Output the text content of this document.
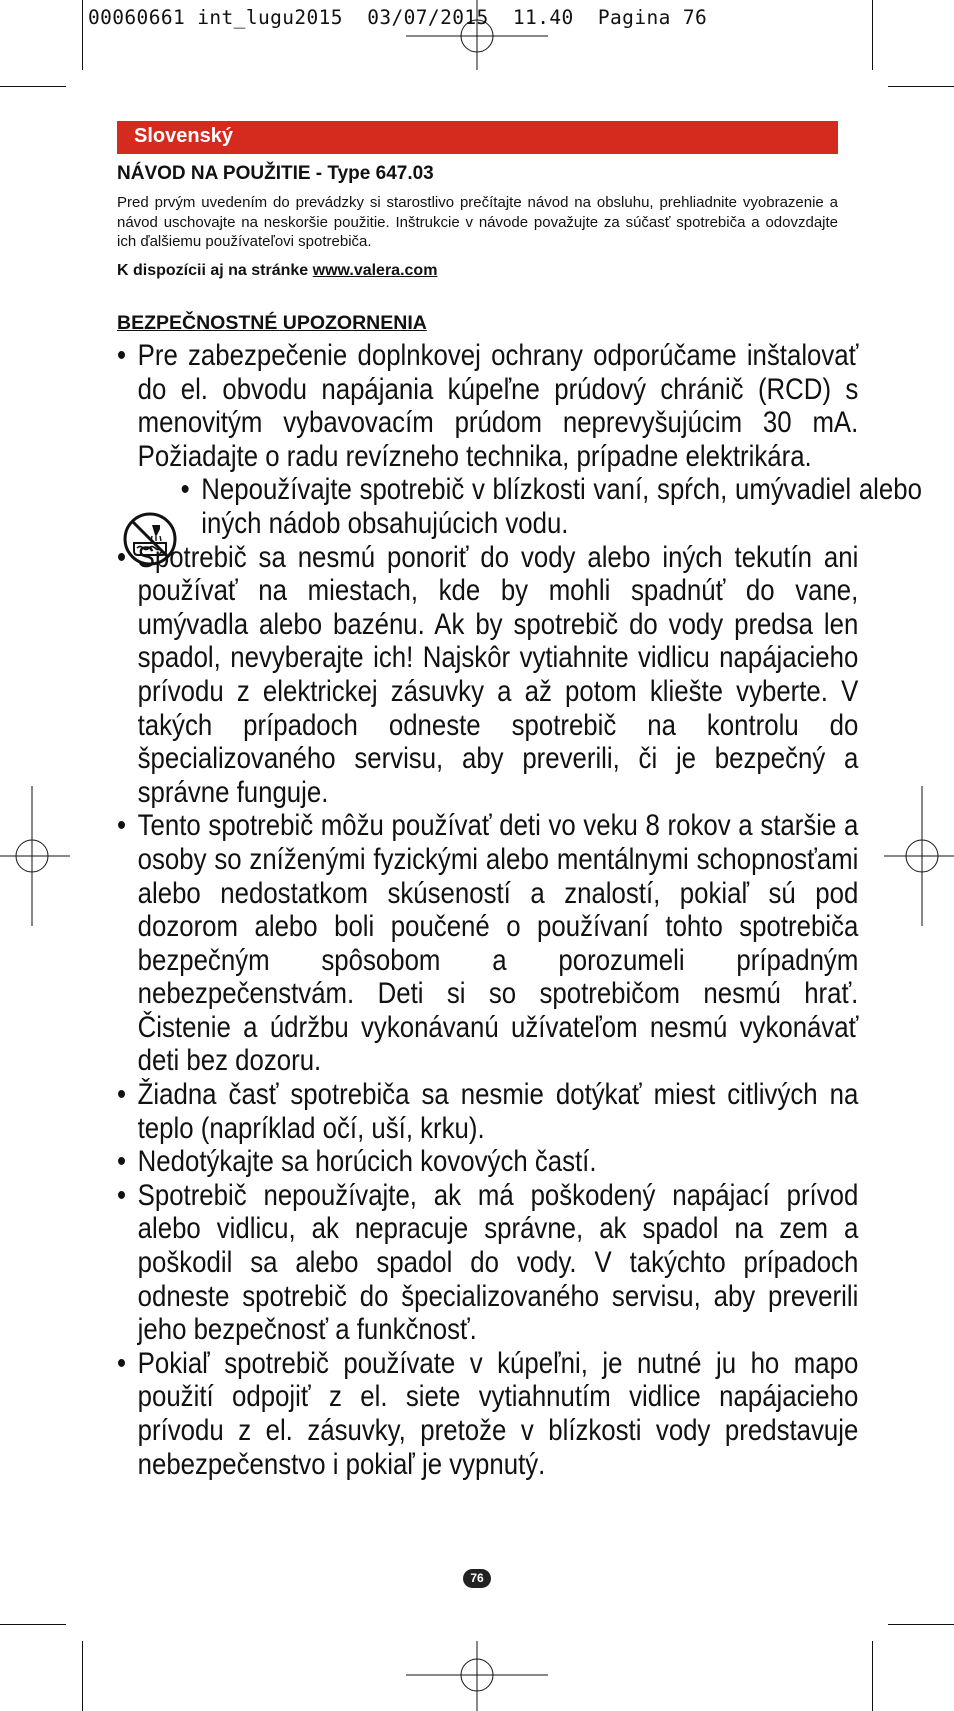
00060661 int_lugu2015 03/07/2015 11.40 Pagina 76
Slovenský
NÁVOD NA POUŽITIE - Type 647.03
Pred prvým uvedením do prevádzky si starostlivo prečítajte návod na obsluhu, prehliadnite vyobrazenie a návod uschovajte na neskoršie použitie. Inštrukcie v návode považujte za súčasť spotrebiča a odovzdajte ich ďalšiemu používateľovi spotrebiča.
K dispozícii aj na stránke www.valera.com
BEZPEČNOSTNÉ UPOZORNENIA
• Pre zabezpečenie doplnkovej ochrany odporúčame inštalovať do el. obvodu napájania kúpeľne prúdový chránič (RCD) s menovitým vybavovacím prúdom neprevyšujúcim 30 mA. Požiadajte o radu revízneho technika, prípadne elektrikára.
• Nepoužívajte spotrebič v blízkosti vaní, spŕch, umývadiel alebo iných nádob obsahujúcich vodu.
• Spotrebič sa nesmú ponoriť do vody alebo iných tekutín ani používať na miestach, kde by mohli spadnúť do vane, umývadla alebo bazénu. Ak by spotrebič do vody predsa len spadol, nevyberajte ich! Najskôr vytiahnite vidlicu napájacieho prívodu z elektrickej zásuvky a až potom kliešte vyberte. V takých prípadoch odneste spotrebič na kontrolu do špecializovaného servisu, aby preverili, či je bezpečný a správne funguje.
• Tento spotrebič môžu používať deti vo veku 8 rokov a staršie a osoby so zníženými fyzickými alebo mentálnymi schopnosťami alebo nedostatkom skúseností a znalostí, pokiaľ sú pod dozorom alebo boli poučené o používaní tohto spotrebiča bezpečným spôsobom a porozumeli prípadným nebezpečenstvám. Deti si so spotrebičom nesmú hrať. Čistenie a údržbu vykonávanú užívateľom nesmú vykonávať deti bez dozoru.
• Žiadna časť spotrebiča sa nesmie dotýkať miest citlivých na teplo (napríklad očí, uší, krku).
• Nedotýkajte sa horúcich kovových častí.
• Spotrebič nepoužívajte, ak má poškodený napájací prívod alebo vidlicu, ak nepracuje správne, ak spadol na zem a poškodil sa alebo spadol do vody. V takýchto prípadoch odneste spotrebič do špecializovaného servisu, aby preverili jeho bezpečnosť a funkčnosť.
• Pokiaľ spotrebič používate v kúpeľni, je nutné ju ho mapo použití odpojiť z el. siete vytiahnutím vidlice napájacieho prívodu z el. zásuvky, pretože v blízkosti vody predstavuje nebezpečenstvo i pokiaľ je vypnutý.
76
